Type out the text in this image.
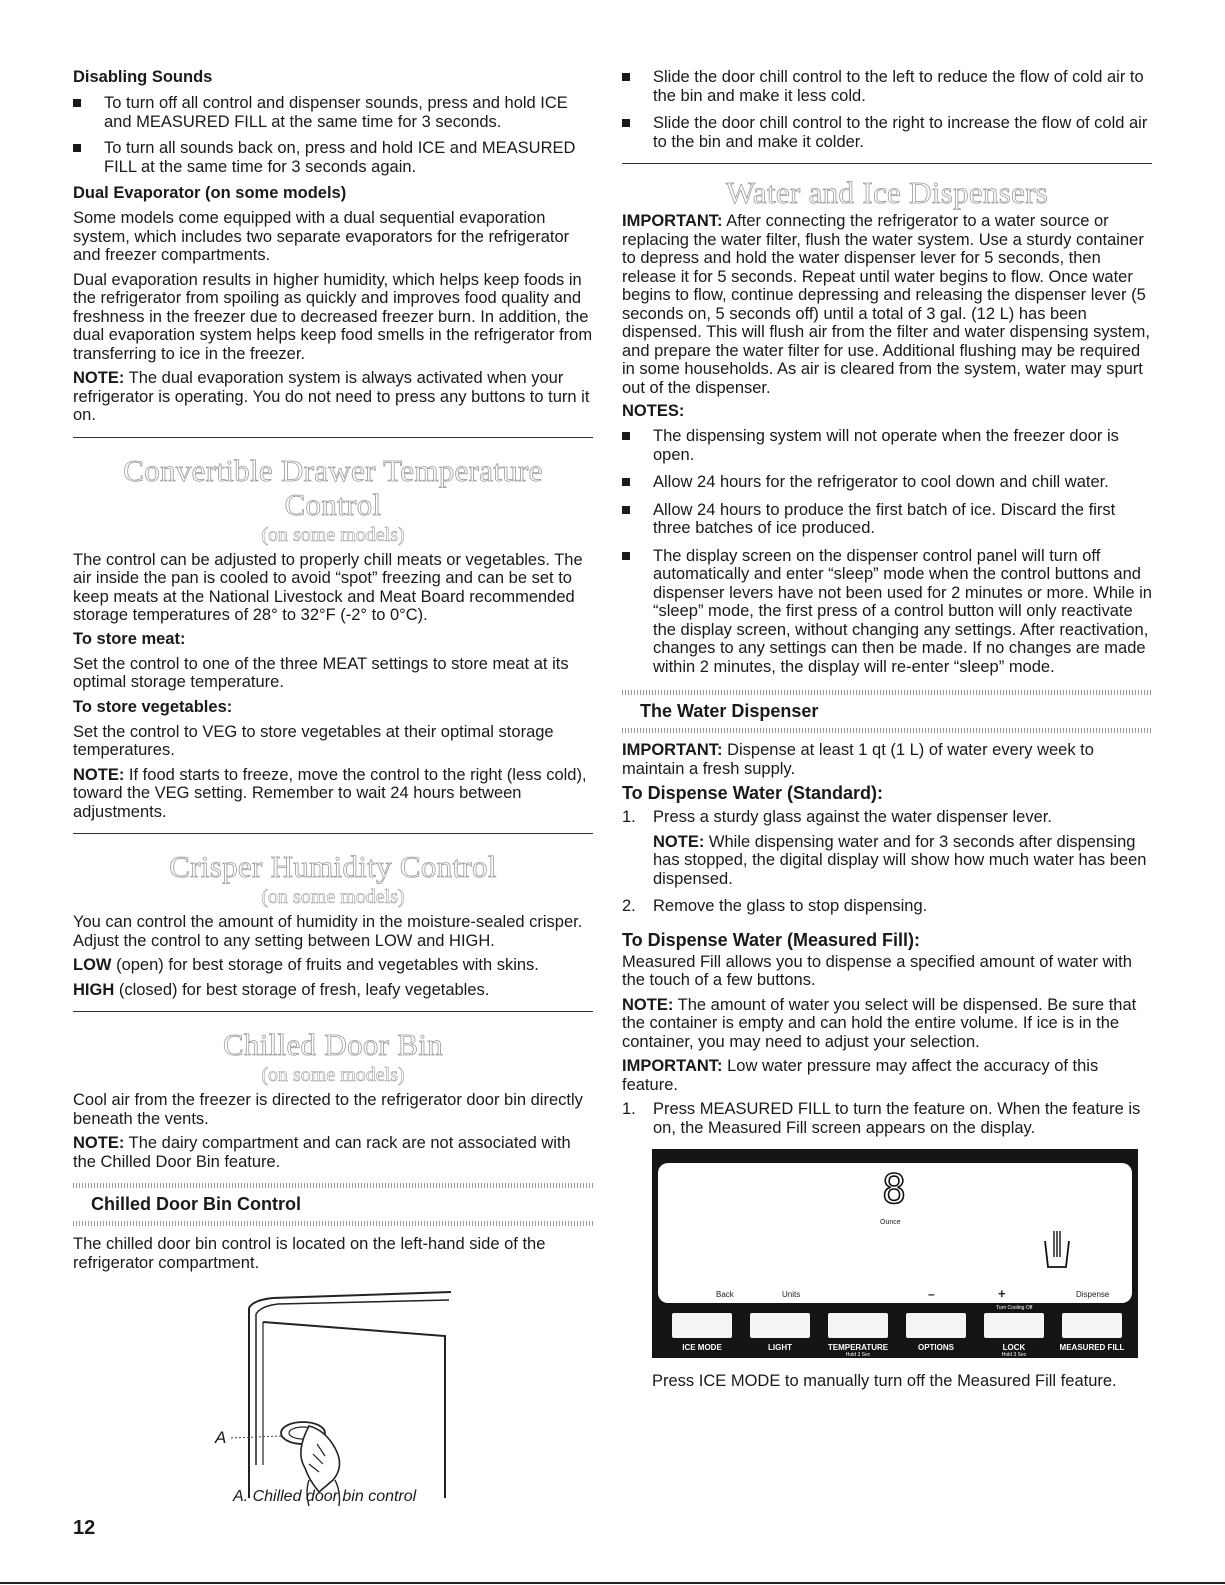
Disabling Sounds

To turn off all control and dispenser sounds, press and hold ICE and MEASURED FILL at the same time for 3 seconds.

To turn all sounds back on, press and hold ICE and MEASURED FILL at the same time for 3 seconds again.

Dual Evaporator (on some models)

Some models come equipped with a dual sequential evaporation system, which includes two separate evaporators for the refrigerator and freezer compartments.

Dual evaporation results in higher humidity, which helps keep foods in the refrigerator from spoiling as quickly and improves food quality and freshness in the freezer due to decreased freezer burn. In addition, the dual evaporation system helps keep food smells in the refrigerator from transferring to ice in the freezer.

NOTE: The dual evaporation system is always activated when your refrigerator is operating. You do not need to press any buttons to turn it on.

Convertible Drawer Temperature Control

(on some models)

The control can be adjusted to properly chill meats or vegetables. The air inside the pan is cooled to avoid “spot” freezing and can be set to keep meats at the National Livestock and Meat Board recommended storage temperatures of 28° to 32°F (-2° to 0°C).

To store meat:

Set the control to one of the three MEAT settings to store meat at its optimal storage temperature.

To store vegetables:

Set the control to VEG to store vegetables at their optimal storage temperatures.

NOTE: If food starts to freeze, move the control to the right (less cold), toward the VEG setting. Remember to wait 24 hours between adjustments.

Crisper Humidity Control

(on some models)

You can control the amount of humidity in the moisture-sealed crisper. Adjust the control to any setting between LOW and HIGH.

LOW (open) for best storage of fruits and vegetables with skins.

HIGH (closed) for best storage of fresh, leafy vegetables.

Chilled Door Bin

(on some models)

Cool air from the freezer is directed to the refrigerator door bin directly beneath the vents.

NOTE: The dairy compartment and can rack are not associated with the Chilled Door Bin feature.

Chilled Door Bin Control

The chilled door bin control is located on the left-hand side of the refrigerator compartment.

A
A. Chilled door bin control

Slide the door chill control to the left to reduce the flow of cold air to the bin and make it less cold.

Slide the door chill control to the right to increase the flow of cold air to the bin and make it colder.

Water and Ice Dispensers

IMPORTANT: After connecting the refrigerator to a water source or replacing the water filter, flush the water system. Use a sturdy container to depress and hold the water dispenser lever for 5 seconds, then release it for 5 seconds. Repeat until water begins to flow. Once water begins to flow, continue depressing and releasing the dispenser lever (5 seconds on, 5 seconds off) until a total of 3 gal. (12 L) has been dispensed. This will flush air from the filter and water dispensing system, and prepare the water filter for use. Additional flushing may be required in some households. As air is cleared from the system, water may spurt out of the dispenser.

NOTES:

The dispensing system will not operate when the freezer door is open.

Allow 24 hours for the refrigerator to cool down and chill water.

Allow 24 hours to produce the first batch of ice. Discard the first three batches of ice produced.

The display screen on the dispenser control panel will turn off automatically and enter “sleep” mode when the control buttons and dispenser levers have not been used for 2 minutes or more. While in “sleep” mode, the first press of a control button will only reactivate the display screen, without changing any settings. After reactivation, changes to any settings can then be made. If no changes are made within 2 minutes, the display will re-enter “sleep” mode.

The Water Dispenser

IMPORTANT: Dispense at least 1 qt (1 L) of water every week to maintain a fresh supply.

To Dispense Water (Standard):

1. Press a sturdy glass against the water dispenser lever.

NOTE: While dispensing water and for 3 seconds after dispensing has stopped, the digital display will show how much water has been dispensed.

2. Remove the glass to stop dispensing.

To Dispense Water (Measured Fill):

Measured Fill allows you to dispense a specified amount of water with the touch of a few buttons.

NOTE: The amount of water you select will be dispensed. Be sure that the container is empty and can hold the entire volume. If ice is in the container, you may need to adjust your selection.

IMPORTANT: Low water pressure may affect the accuracy of this feature.

1. Press MEASURED FILL to turn the feature on. When the feature is on, the Measured Fill screen appears on the display.
8
Ounce
Back	Units	–	+	Dispense
Turn Cooling Off
ICE MODE	LIGHT	TEMPERATURE	OPTIONS	LOCK	MEASURED FILL
Hold 3 Sec	Hold 3 Sec

Press ICE MODE to manually turn off the Measured Fill feature.

12
